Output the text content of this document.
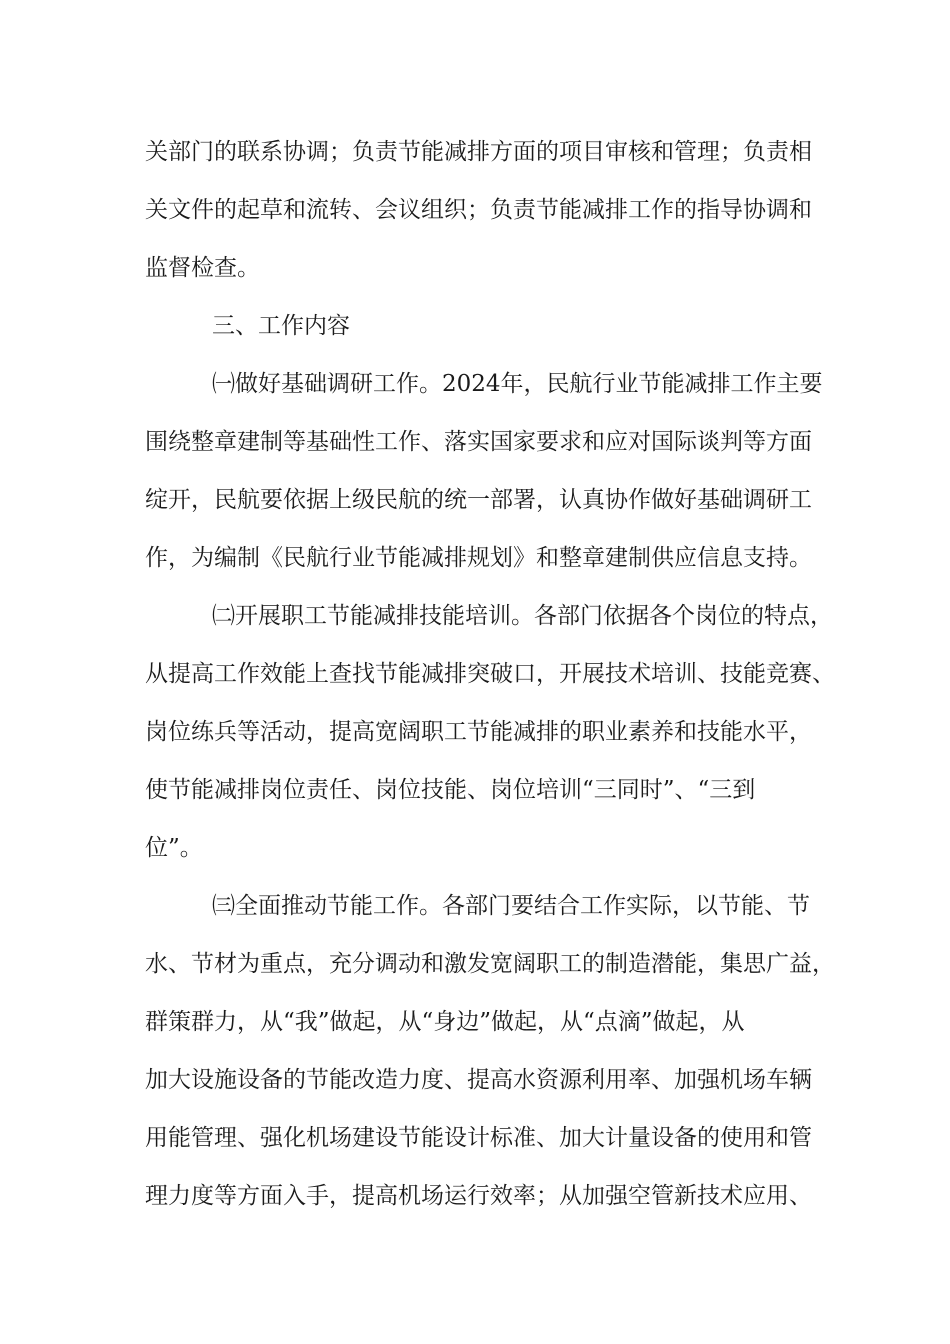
关部门的联系协调；负责节能减排方面的项目审核和管理；负责相
关文件的起草和流转、会议组织；负责节能减排工作的指导协调和
监督检查。
三、工作内容
㈠做好基础调研工作。2024年，民航行业节能减排工作主要
围绕整章建制等基础性工作、落实国家要求和应对国际谈判等方面
绽开，民航要依据上级民航的统一部署，认真协作做好基础调研工
作，为编制《民航行业节能减排规划》和整章建制供应信息支持。
㈡开展职工节能减排技能培训。各部门依据各个岗位的特点，
从提高工作效能上查找节能减排突破口，开展技术培训、技能竞赛、
岗位练兵等活动，提高宽阔职工节能减排的职业素养和技能水平，
使节能减排岗位责任、岗位技能、岗位培训“三同时”、“三到
位”。
㈢全面推动节能工作。各部门要结合工作实际，以节能、节
水、节材为重点，充分调动和激发宽阔职工的制造潜能，集思广益，
群策群力，从“我”做起，从“身边”做起，从“点滴”做起，从
加大设施设备的节能改造力度、提高水资源利用率、加强机场车辆
用能管理、强化机场建设节能设计标准、加大计量设备的使用和管
理力度等方面入手，提高机场运行效率；从加强空管新技术应用、
